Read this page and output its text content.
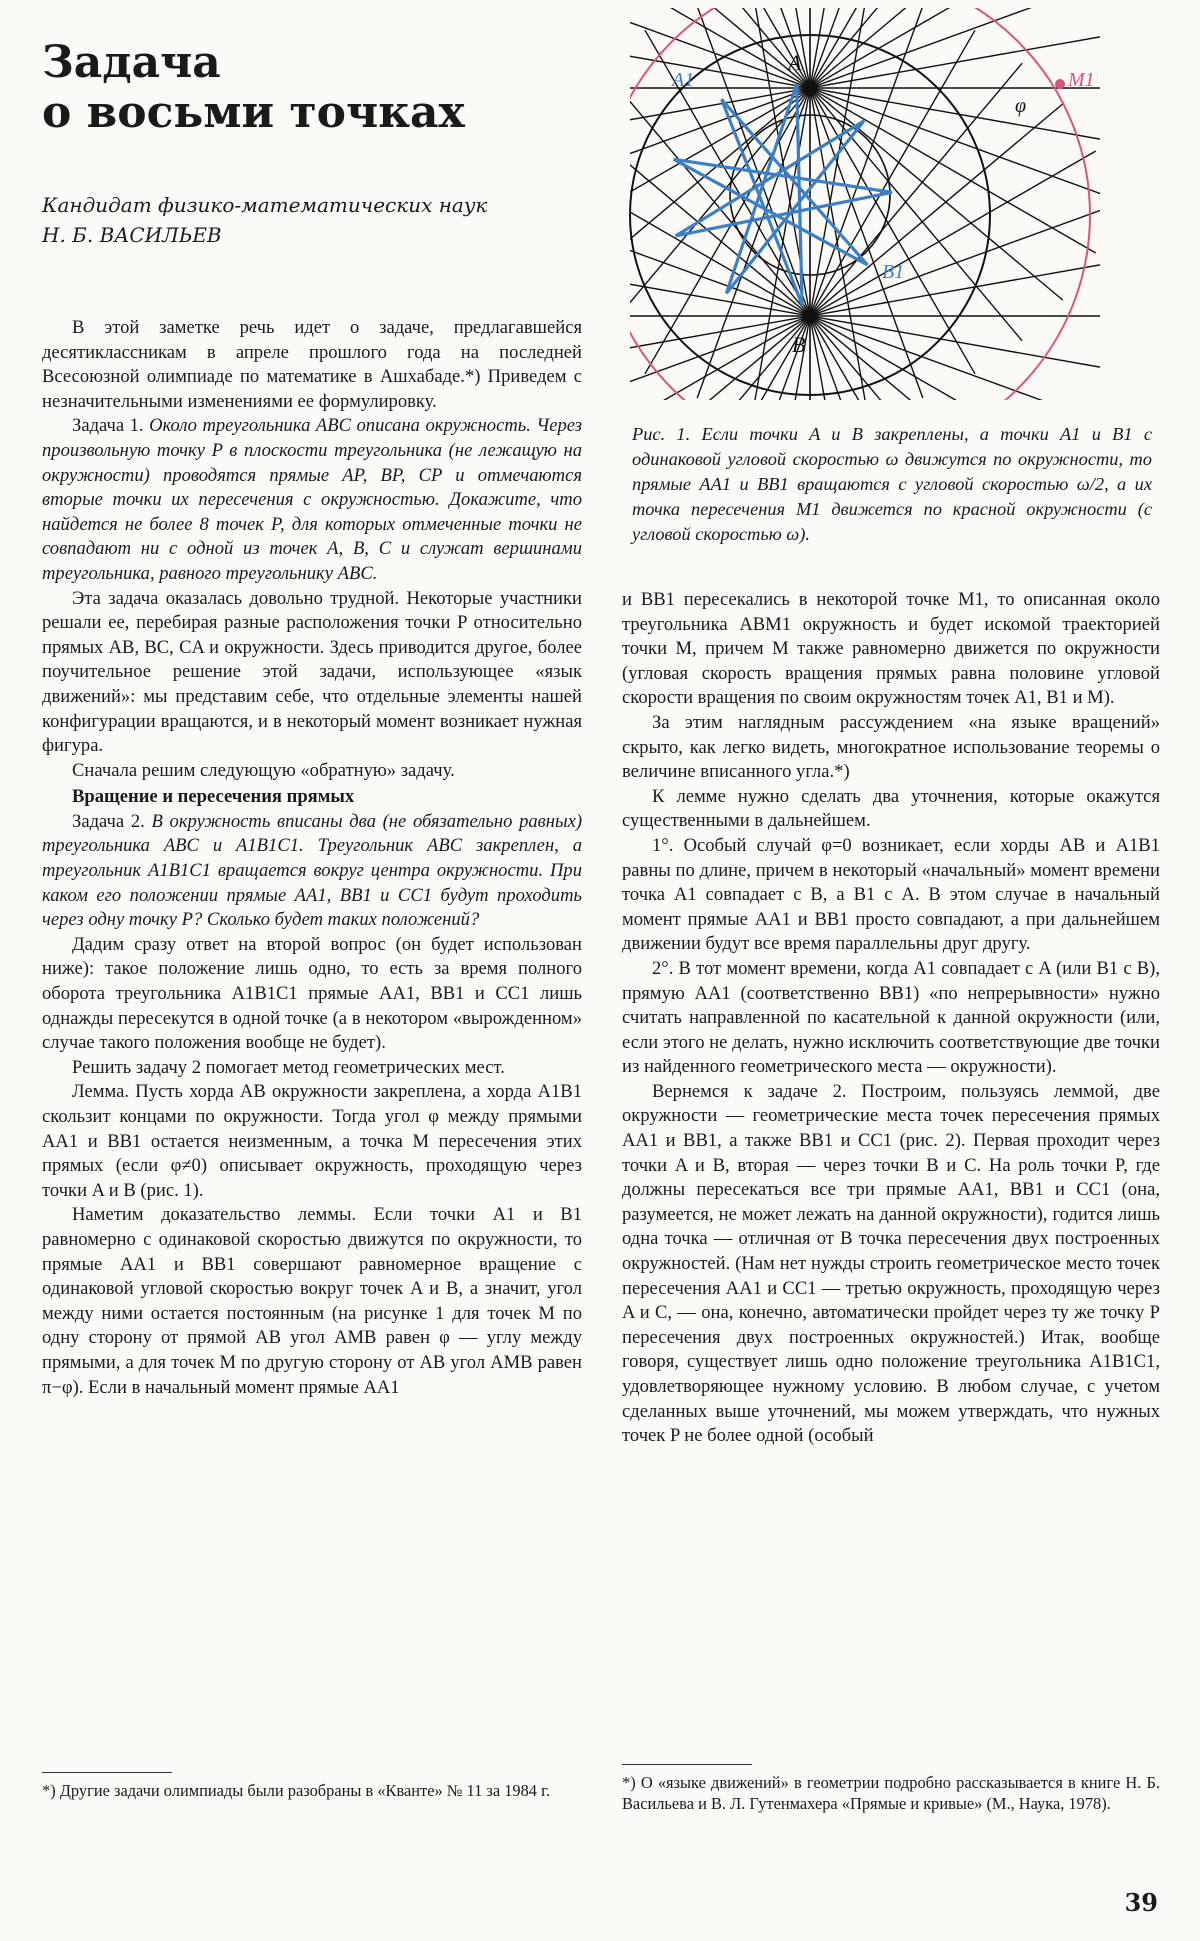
Задача
о восьми точках
Кандидат физико-математических наук
Н. Б. ВАСИЛЬЕВ
A
B
A1
B1
M1
φ
Рис. 1. Если точки A и B закреплены, а точки A1 и B1 с одинаковой угловой скоростью ω движутся по окружности, то прямые AA1 и BB1 вращаются с угловой скоростью ω/2, а их точка пересечения M1 движется по красной окружности (с угловой скоростью ω).

В этой заметке речь идет о задаче, предлагавшейся десятиклассникам в апреле прошлого года на последней Всесоюзной олимпиаде по математике в Ашхабаде.*) Приведем с незначительными изменениями ее формулировку.

Задача 1. Около треугольника ABC описана окружность. Через произвольную точку P в плоскости треугольника (не лежащую на окружности) проводятся прямые AP, BP, CP и отмечаются вторые точки их пересечения с окружностью. Докажите, что найдется не более 8 точек P, для которых отмеченные точки не совпадают ни с одной из точек A, B, C и служат вершинами треугольника, равного треугольнику ABC.

Эта задача оказалась довольно трудной. Некоторые участники решали ее, перебирая разные расположения точки P относительно прямых AB, BC, CA и окружности. Здесь приводится другое, более поучительное решение этой задачи, использующее «язык движений»: мы представим себе, что отдельные элементы нашей конфигурации вращаются, и в некоторый момент возникает нужная фигура.

Сначала решим следующую «обратную» задачу.

Вращение и пересечения прямых

Задача 2. В окружность вписаны два (не обязательно равных) треугольника ABC и A1B1C1. Треугольник ABC закреплен, а треугольник A1B1C1 вращается вокруг центра окружности. При каком его положении прямые AA1, BB1 и CC1 будут проходить через одну точку P? Сколько будет таких положений?

Дадим сразу ответ на второй вопрос (он будет использован ниже): такое положение лишь одно, то есть за время полного оборота треугольника A1B1C1 прямые AA1, BB1 и CC1 лишь однажды пересекутся в одной точке (а в некотором «вырожденном» случае такого положения вообще не будет).

Решить задачу 2 помогает метод геометрических мест.

Лемма. Пусть хорда AB окружности закреплена, а хорда A1B1 скользит концами по окружности. Тогда угол φ между прямыми AA1 и BB1 остается неизменным, а точка M пересечения этих прямых (если φ≠0) описывает окружность, проходящую через точки A и B (рис. 1).

Наметим доказательство леммы. Если точки A1 и B1 равномерно с одинаковой скоростью движутся по окружности, то прямые AA1 и BB1 совершают равномерное вращение с одинаковой угловой скоростью вокруг точек A и B, а значит, угол между ними остается постоянным (на рисунке 1 для точек M по одну сторону от прямой AB угол AMB равен φ — углу между прямыми, а для точек M по другую сторону от AB угол AMB равен π−φ). Если в начальный момент прямые AA1

*) Другие задачи олимпиады были разобраны в «Кванте» № 11 за 1984 г.

и BB1 пересекались в некоторой точке M1, то описанная около треугольника ABM1 окружность и будет искомой траекторией точки M, причем M также равномерно движется по окружности (угловая скорость вращения прямых равна половине угловой скорости вращения по своим окружностям точек A1, B1 и M).

За этим наглядным рассуждением «на языке вращений» скрыто, как легко видеть, многократное использование теоремы о величине вписанного угла.*)

К лемме нужно сделать два уточнения, которые окажутся существенными в дальнейшем.

1°. Особый случай φ=0 возникает, если хорды AB и A1B1 равны по длине, причем в некоторый «начальный» момент времени точка A1 совпадает с B, а B1 с A. В этом случае в начальный момент прямые AA1 и BB1 просто совпадают, а при дальнейшем движении будут все время параллельны друг другу.

2°. В тот момент времени, когда A1 совпадает с A (или B1 с B), прямую AA1 (соответственно BB1) «по непрерывности» нужно считать направленной по касательной к данной окружности (или, если этого не делать, нужно исключить соответствующие две точки из найденного геометрического места — окружности).

Вернемся к задаче 2. Построим, пользуясь леммой, две окружности — геометрические места точек пересечения прямых AA1 и BB1, а также BB1 и CC1 (рис. 2). Первая проходит через точки A и B, вторая — через точки B и C. На роль точки P, где должны пересекаться все три прямые AA1, BB1 и CC1 (она, разумеется, не может лежать на данной окружности), годится лишь одна точка — отличная от B точка пересечения двух построенных окружностей. (Нам нет нужды строить геометрическое место точек пересечения AA1 и CC1 — третью окружность, проходящую через A и C, — она, конечно, автоматически пройдет через ту же точку P пересечения двух построенных окружностей.) Итак, вообще говоря, существует лишь одно положение треугольника A1B1C1, удовлетворяющее нужному условию. В любом случае, с учетом сделанных выше уточнений, мы можем утверждать, что нужных точек P не более одной (особый

*) О «языке движений» в геометрии подробно рассказывается в книге Н. Б. Васильева и В. Л. Гутенмахера «Прямые и кривые» (М., Наука, 1978).
39
